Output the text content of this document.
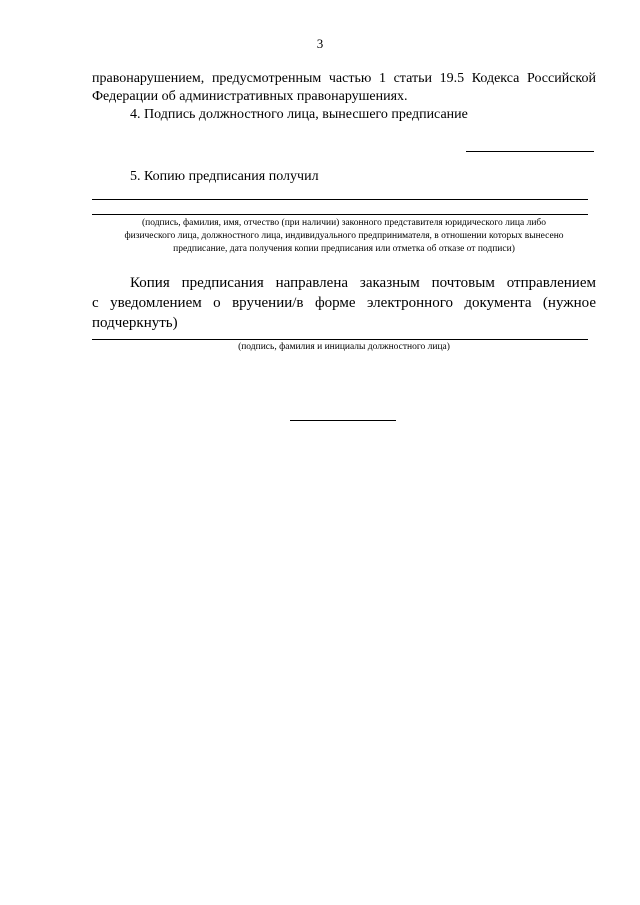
3

правонарушением, предусмотренным частью 1 статьи 19.5 Кодекса Российской

Федерации об административных правонарушениях.

4. Подпись должностного лица, вынесшего предписание

5. Копию предписания получил

(подпись, фамилия, имя, отчество (при наличии) законного представителя юридического лица либо
физического лица, должностного лица, индивидуального предпринимателя, в отношении которых вынесено
предписание, дата получения копии предписания или отметка об отказе от подписи)
Копия предписания направлена заказным почтовым отправлением
с уведомлением о вручении/в форме электронного документа (нужное
подчеркнуть)
(подпись, фамилия и инициалы должностного лица)
